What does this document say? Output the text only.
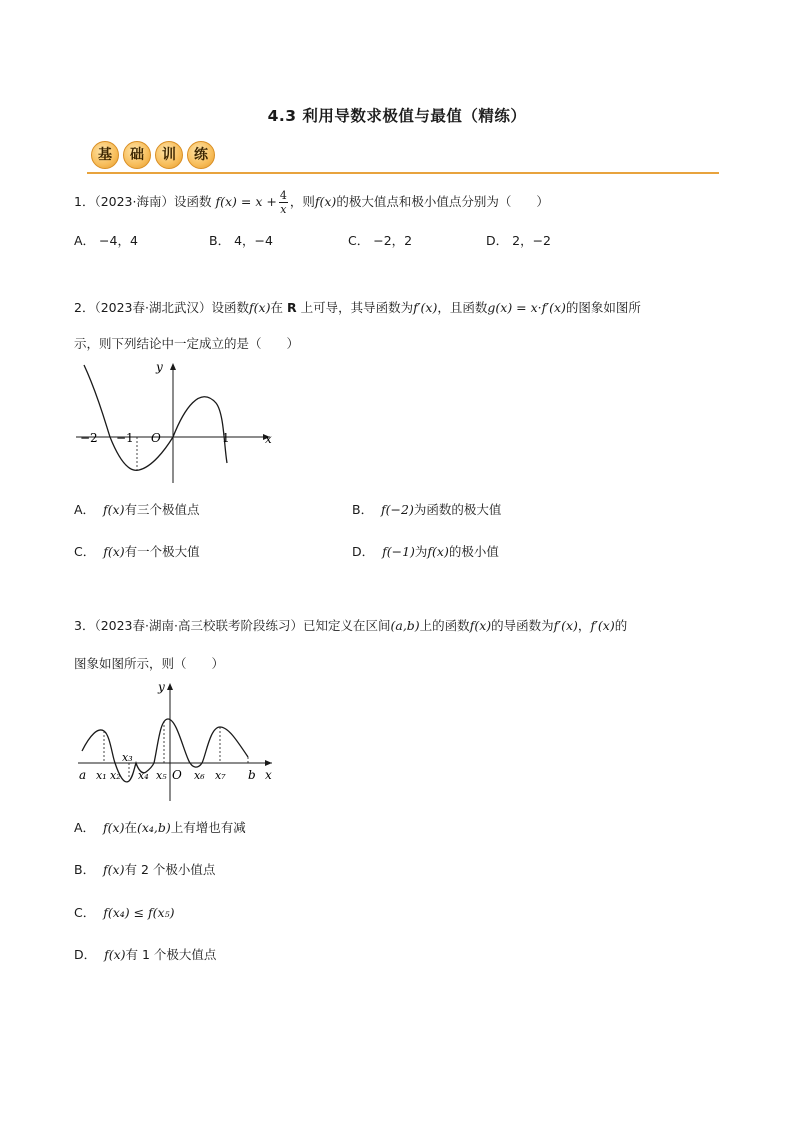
4.3 利用导数求极值与最值（精练）
基	础	训	练
1．（2023·海南）设函数 $f(x) = x + \frac{4}{x}$ ，则f(x)的极大值点和极小值点分别为（　　）
A． −4，4	B． 4，−4	C． −2，2	D． 2，−2
2．（2023春·湖北武汉）设函数f(x)在 R 上可导，其导函数为f′(x)，且函数g(x) = x·f′(x)的图象如图所
示，则下列结论中一定成立的是（　　）
y
x
O
−2 −1	1
A． f(x)有三个极值点	B． f(−2)为函数的极大值
C． f(x)有一个极大值	D． f(−1)为f(x)的极小值
3．（2023春·湖南·高三校联考阶段练习）已知定义在区间(a,b)上的函数f(x)的导函数为f′(x)，f′(x)的
图象如图所示，则（　　）
y
x
O
a	b
x₁ x₂
x₃
x₄ x₅ x₆ x₇
A． f(x)在(x₄,b)上有增也有减
B． f(x)有 2 个极小值点
C． f(x₄) ≤ f(x₅)
D． f(x)有 1 个极大值点
